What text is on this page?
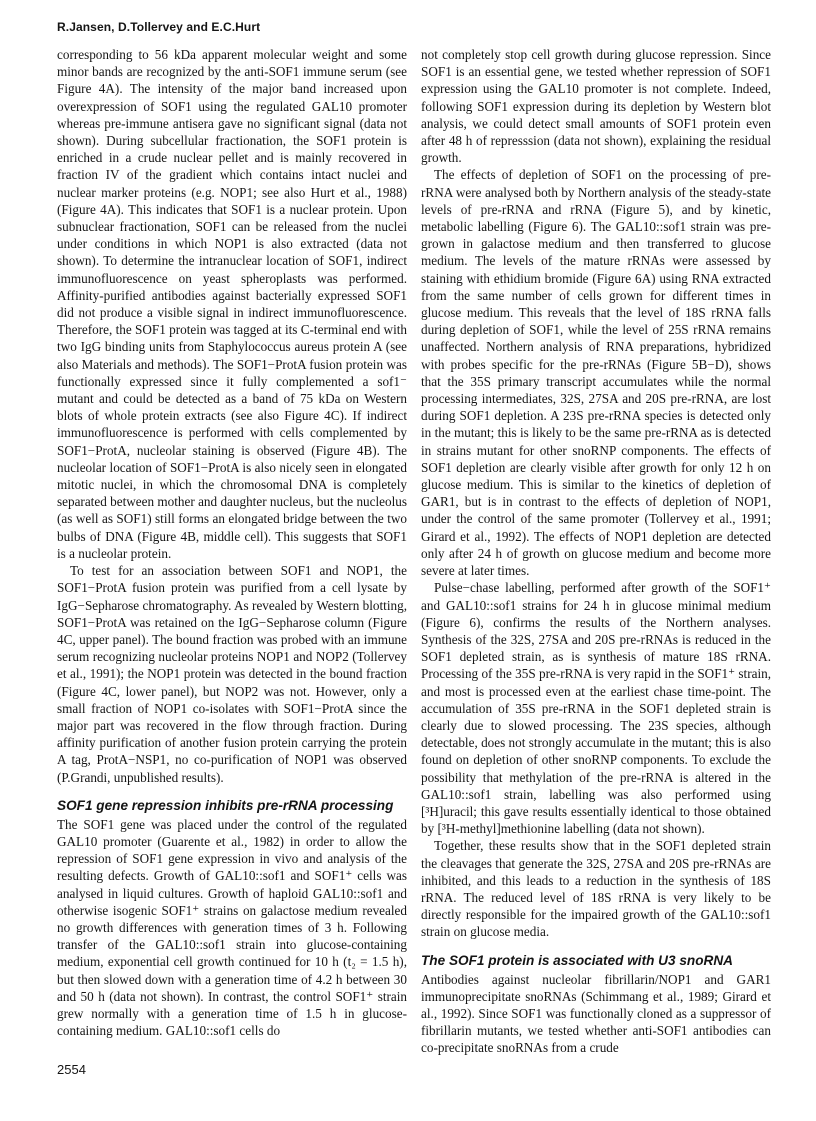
R.Jansen, D.Tollervey and E.C.Hurt

corresponding to 56 kDa apparent molecular weight and some minor bands are recognized by the anti-SOF1 immune serum (see Figure 4A). The intensity of the major band increased upon overexpression of SOF1 using the regulated GAL10 promoter whereas pre-immune antisera gave no significant signal (data not shown). During subcellular fractionation, the SOF1 protein is enriched in a crude nuclear pellet and is mainly recovered in fraction IV of the gradient which contains intact nuclei and nuclear marker proteins (e.g. NOP1; see also Hurt et al., 1988) (Figure 4A). This indicates that SOF1 is a nuclear protein. Upon subnuclear fractionation, SOF1 can be released from the nuclei under conditions in which NOP1 is also extracted (data not shown). To determine the intranuclear location of SOF1, indirect immunofluorescence on yeast spheroplasts was performed. Affinity-purified antibodies against bacterially expressed SOF1 did not produce a visible signal in indirect immunofluorescence. Therefore, the SOF1 protein was tagged at its C-terminal end with two IgG binding units from Staphylococcus aureus protein A (see also Materials and methods). The SOF1−ProtA fusion protein was functionally expressed since it fully complemented a sof1⁻ mutant and could be detected as a band of 75 kDa on Western blots of whole protein extracts (see also Figure 4C). If indirect immunofluorescence is performed with cells complemented by SOF1−ProtA, nucleolar staining is observed (Figure 4B). The nucleolar location of SOF1−ProtA is also nicely seen in elongated mitotic nuclei, in which the chromosomal DNA is completely separated between mother and daughter nucleus, but the nucleolus (as well as SOF1) still forms an elongated bridge between the two bulbs of DNA (Figure 4B, middle cell). This suggests that SOF1 is a nucleolar protein.

To test for an association between SOF1 and NOP1, the SOF1−ProtA fusion protein was purified from a cell lysate by IgG−Sepharose chromatography. As revealed by Western blotting, SOF1−ProtA was retained on the IgG−Sepharose column (Figure 4C, upper panel). The bound fraction was probed with an immune serum recognizing nucleolar proteins NOP1 and NOP2 (Tollervey et al., 1991); the NOP1 protein was detected in the bound fraction (Figure 4C, lower panel), but NOP2 was not. However, only a small fraction of NOP1 co-isolates with SOF1−ProtA since the major part was recovered in the flow through fraction. During affinity purification of another fusion protein carrying the protein A tag, ProtA−NSP1, no co-purification of NOP1 was observed (P.Grandi, unpublished results).

SOF1 gene repression inhibits pre-rRNA processing

The SOF1 gene was placed under the control of the regulated GAL10 promoter (Guarente et al., 1982) in order to allow the repression of SOF1 gene expression in vivo and analysis of the resulting defects. Growth of GAL10::sof1 and SOF1⁺ cells was analysed in liquid cultures. Growth of haploid GAL10::sof1 and otherwise isogenic SOF1⁺ strains on galactose medium revealed no growth differences with generation times of 3 h. Following transfer of the GAL10::sof1 strain into glucose-containing medium, exponential cell growth continued for 10 h (t₂ = 1.5 h), but then slowed down with a generation time of 4.2 h between 30 and 50 h (data not shown). In contrast, the control SOF1⁺ strain grew normally with a generation time of 1.5 h in glucose-containing medium. GAL10::sof1 cells do

not completely stop cell growth during glucose repression. Since SOF1 is an essential gene, we tested whether repression of SOF1 expression using the GAL10 promoter is not complete. Indeed, following SOF1 expression during its depletion by Western blot analysis, we could detect small amounts of SOF1 protein even after 48 h of represssion (data not shown), explaining the residual growth.

The effects of depletion of SOF1 on the processing of pre-rRNA were analysed both by Northern analysis of the steady-state levels of pre-rRNA and rRNA (Figure 5), and by kinetic, metabolic labelling (Figure 6). The GAL10::sof1 strain was pre-grown in galactose medium and then transferred to glucose medium. The levels of the mature rRNAs were assessed by staining with ethidium bromide (Figure 6A) using RNA extracted from the same number of cells grown for different times in glucose medium. This reveals that the level of 18S rRNA falls during depletion of SOF1, while the level of 25S rRNA remains unaffected. Northern analysis of RNA preparations, hybridized with probes specific for the pre-rRNAs (Figure 5B−D), shows that the 35S primary transcript accumulates while the normal processing intermediates, 32S, 27SA and 20S pre-rRNA, are lost during SOF1 depletion. A 23S pre-rRNA species is detected only in the mutant; this is likely to be the same pre-rRNA as is detected in strains mutant for other snoRNP components. The effects of SOF1 depletion are clearly visible after growth for only 12 h on glucose medium. This is similar to the kinetics of depletion of GAR1, but is in contrast to the effects of depletion of NOP1, under the control of the same promoter (Tollervey et al., 1991; Girard et al., 1992). The effects of NOP1 depletion are detected only after 24 h of growth on glucose medium and become more severe at later times.

Pulse−chase labelling, performed after growth of the SOF1⁺ and GAL10::sof1 strains for 24 h in glucose minimal medium (Figure 6), confirms the results of the Northern analyses. Synthesis of the 32S, 27SA and 20S pre-rRNAs is reduced in the SOF1 depleted strain, as is synthesis of mature 18S rRNA. Processing of the 35S pre-rRNA is very rapid in the SOF1⁺ strain, and most is processed even at the earliest chase time-point. The accumulation of 35S pre-rRNA in the SOF1 depleted strain is clearly due to slowed processing. The 23S species, although detectable, does not strongly accumulate in the mutant; this is also found on depletion of other snoRNP components. To exclude the possibility that methylation of the pre-rRNA is altered in the GAL10::sof1 strain, labelling was also performed using [³H]uracil; this gave results essentially identical to those obtained by [³H-methyl]methionine labelling (data not shown).

Together, these results show that in the SOF1 depleted strain the cleavages that generate the 32S, 27SA and 20S pre-rRNAs are inhibited, and this leads to a reduction in the synthesis of 18S rRNA. The reduced level of 18S rRNA is very likely to be directly responsible for the impaired growth of the GAL10::sof1 strain on glucose media.

The SOF1 protein is associated with U3 snoRNA

Antibodies against nucleolar fibrillarin/NOP1 and GAR1 immunoprecipitate snoRNAs (Schimmang et al., 1989; Girard et al., 1992). Since SOF1 was functionally cloned as a suppressor of fibrillarin mutants, we tested whether anti-SOF1 antibodies can co-precipitate snoRNAs from a crude

2554
